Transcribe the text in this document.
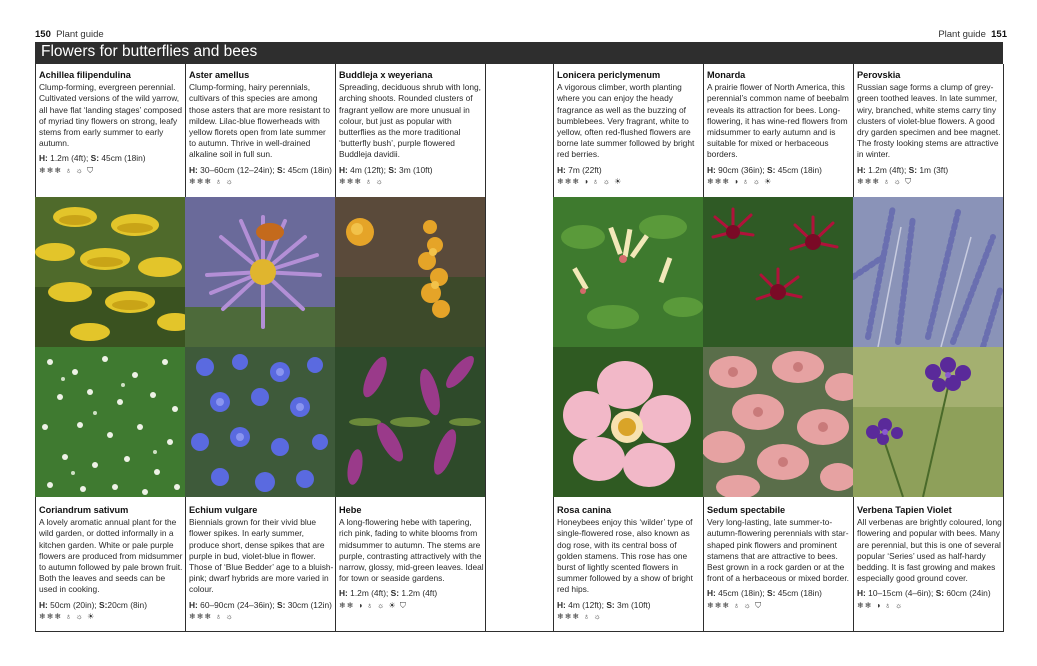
150 Plant guide	Plant guide 151
Flowers for butterflies and bees
Achillea filipendulina
Clump-forming, evergreen perennial. Cultivated versions of the wild yarrow, all have flat ‘landing stages’ composed of myriad tiny flowers on strong, leafy stems from early summer to early autumn.
H: 1.2m (4ft); S: 45cm (18in)
❄❄❄ ♁ ☼ ⛉
Aster amellus
Clump-forming, hairy perennials, cultivars of this species are among those asters that are more resistant to mildew. Lilac-blue flowerheads with yellow florets open from late summer to autumn. Thrive in well-drained alkaline soil in full sun.
H: 30–60cm (12–24in); S: 45cm (18in)
❄❄❄ ♁ ☼
Buddleja x weyeriana
Spreading, deciduous shrub with long, arching shoots. Rounded clusters of fragrant yellow are more unusual in colour, but just as popular with butterflies as the more traditional ‘butterfly bush’, purple flowered Buddleja davidii.
H: 4m (12ft); S: 3m (10ft)
❄❄❄ ♁ ☼
Lonicera periclymenum
A vigorous climber, worth planting where you can enjoy the heady fragrance as well as the buzzing of bumblebees. Very fragrant, white to yellow, often red-flushed flowers are borne late summer followed by bright red berries.
H: 7m (22ft)
❄❄❄ ◑ ♁ ☼ ☀
Monarda
A prairie flower of North America, this perennial’s common name of beebalm reveals its attraction for bees. Long-flowering, it has wine-red flowers from midsummer to early autumn and is suitable for mixed or herbaceous borders.
H: 90cm (36in); S: 45cm (18in)
❄❄❄ ◑ ♁ ☼ ☀
Perovskia
Russian sage forms a clump of grey-green toothed leaves. In late summer, wiry, branched, white stems carry tiny clusters of violet-blue flowers. A good dry garden specimen and bee magnet. The frosty looking stems are attractive in winter.
H: 1.2m (4ft); S: 1m (3ft)
❄❄❄ ♁ ☼ ⛉
Coriandrum sativum
A lovely aromatic annual plant for the wild garden, or dotted informally in a kitchen garden. White or pale purple flowers are produced from midsummer to autumn followed by pale brown fruit. Both the leaves and seeds can be used in cooking.
H: 50cm (20in); S:20cm (8in)
❄❄❄ ♁ ☼ ☀
Echium vulgare
Biennials grown for their vivid blue flower spikes. In early summer, produce short, dense spikes that are purple in bud, violet-blue in flower. Those of ‘Blue Bedder’ age to a bluish-pink; dwarf hybrids are more varied in colour.
H: 60–90cm (24–36in); S: 30cm (12in)
❄❄❄ ♁ ☼
Hebe
A long-flowering hebe with tapering, rich pink, fading to white blooms from midsummer to autumn. The stems are purple, contrasting attractively with the narrow, glossy, mid-green leaves. Ideal for town or seaside gardens.
H: 1.2m (4ft); S: 1.2m (4ft)
❄❄ ◑ ♁ ☼ ☀ ⛉
Rosa canina
Honeybees enjoy this ‘wilder’ type of single-flowered rose, also known as dog rose, with its central boss of golden stamens. This rose has one burst of lightly scented flowers in summer followed by a show of bright red hips.
H: 4m (12ft); S: 3m (10ft)
❄❄❄ ♁ ☼
Sedum spectabile
Very long-lasting, late summer-to-autumn-flowering perennials with star-shaped pink flowers and prominent stamens that are attractive to bees. Best grown in a rock garden or at the front of a herbaceous or mixed border.
H: 45cm (18in); S: 45cm (18in)
❄❄❄ ♁ ☼ ⛉
Verbena Tapien Violet
All verbenas are brightly coloured, long flowering and popular with bees. Many are perennial, but this is one of several popular ‘Series’ used as half-hardy bedding. It is fast growing and makes especially good ground cover.
H: 10–15cm (4–6in); S: 60cm (24in)
❄❄ ◑ ♁ ☼
